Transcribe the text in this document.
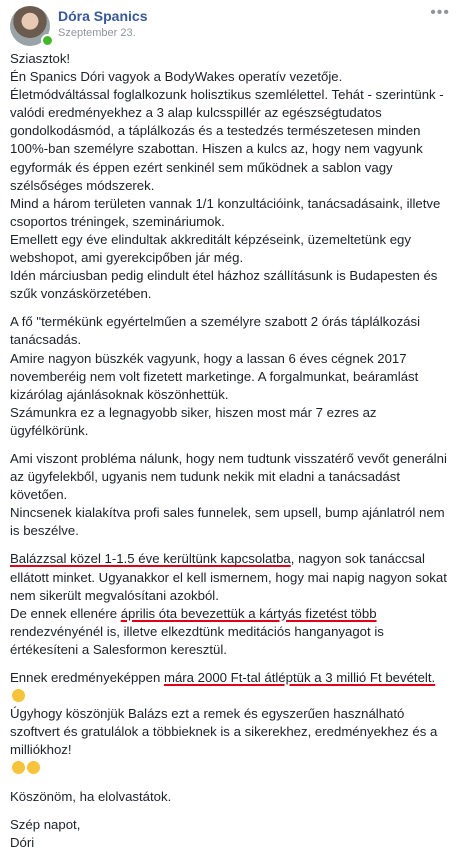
Dóra Spanics
Szeptember 23.
•••

Sziasztok!
Én Spanics Dóri vagyok a BodyWakes operatív vezetője.
Életmódváltással foglalkozunk holisztikus szemlélettel. Tehát - szerintünk - valódi eredményekhez a 3 alap kulcsspillér az egészségtudatos gondolkodásmód, a táplálkozás és a testedzés természetesen minden 100%-ban személyre szabottan. Hiszen a kulcs az, hogy nem vagyunk egyformák és éppen ezért senkinél sem működnek a sablon vagy szélsőséges módszerek.
Mind a három területen vannak 1/1 konzultációink, tanácsadásaink, illetve csoportos tréningek, szemináriumok.
Emellett egy éve elindultak akkreditált képzéseink, üzemeltetünk egy webshopot, ami gyerekcipőben jár még.
Idén márciusban pedig elindult étel házhoz szállításunk is Budapesten és szűk vonzáskörzetében.

A fő "termékünk egyértelműen a személyre szabott 2 órás táplálkozási tanácsadás.
Amire nagyon büszkék vagyunk, hogy a lassan 6 éves cégnek 2017 novemberéig nem volt fizetett marketinge. A forgalmunkat, beáramlást kizárólag ajánlásoknak köszönhettük.
Számunkra ez a legnagyobb siker, hiszen most már 7 ezres az ügyfélkörünk.

Ami viszont probléma nálunk, hogy nem tudtunk visszatérő vevőt generálni az ügyfelekből, ugyanis nem tudunk nekik mit eladni a tanácsadást követően.
Nincsenek kialakítva profi sales funnelek, sem upsell, bump ajánlatról nem is beszélve.

Balázzsal közel 1-1.5 éve kerültünk kapcsolatba, nagyon sok tanáccsal ellátott minket. Ugyanakkor el kell ismernem, hogy mai napig nagyon sokat nem sikerült megvalósítani azokból.
De ennek ellenére április óta bevezettük a kártyás fizetést több rendezvényénél is, illetve elkezdtünk meditációs hanganyagot is értékesíteni a Salesformon keresztül.

Ennek eredményeképpen mára 2000 Ft-tal átléptük a 3 millió Ft bevételt.
Úgyhogy köszönjük Balázs ezt a remek és egyszerűen használható szoftvert és gratulálok a többieknek is a sikerekhez, eredményekhez és a milliókhoz!

Köszönöm, ha elolvastátok.

Szép napot,
Dóri
